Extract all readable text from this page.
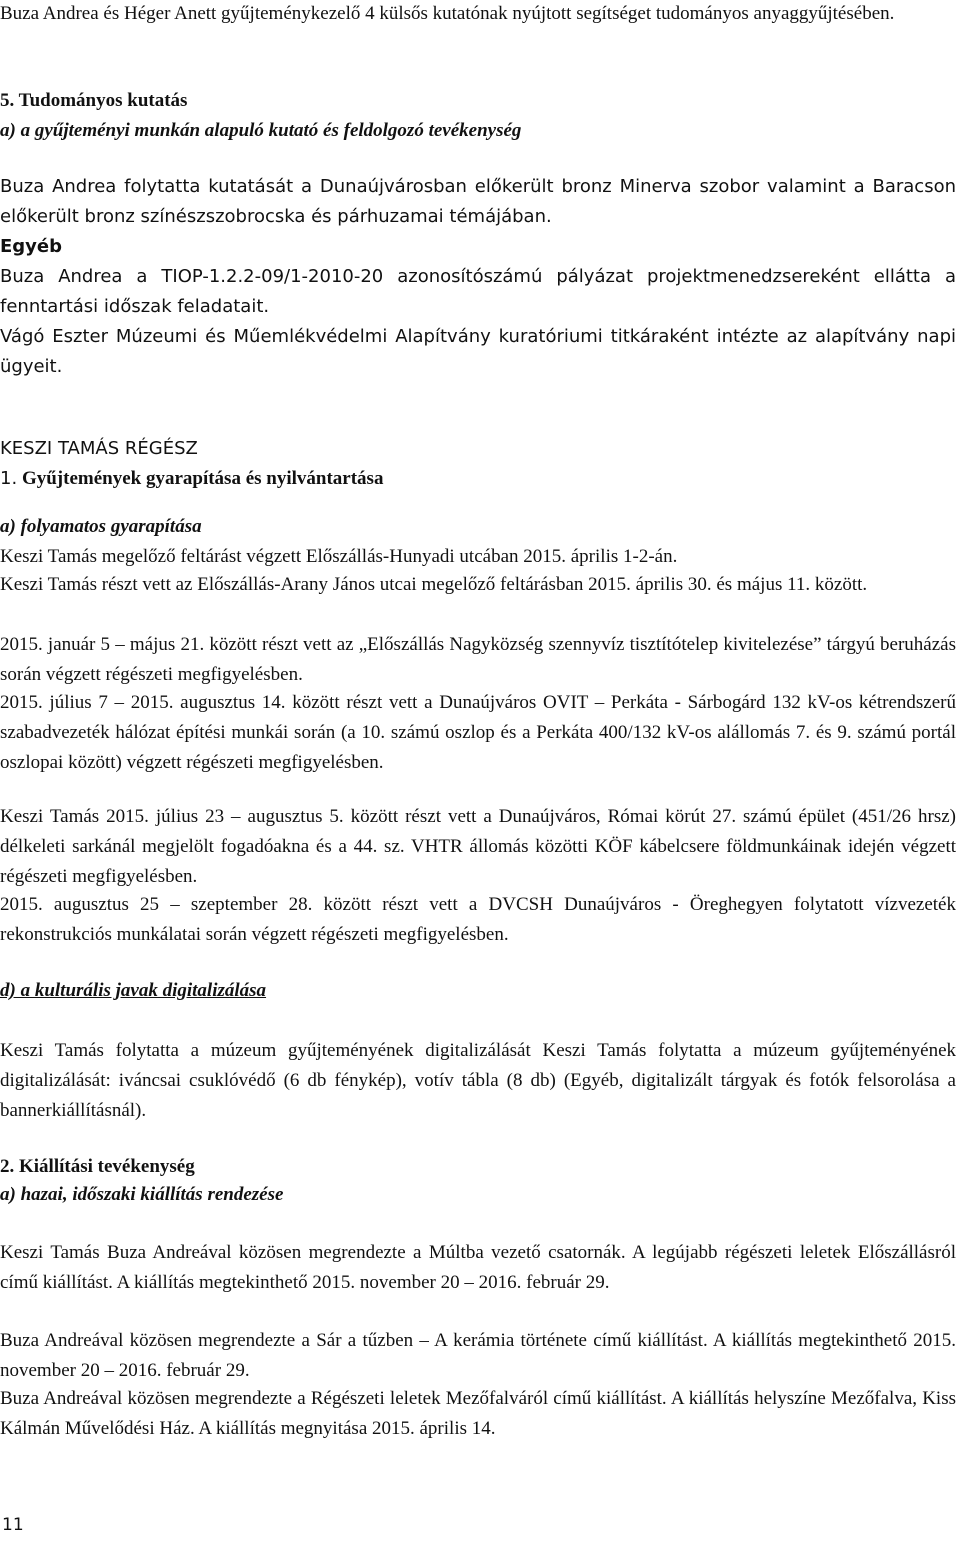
Buza Andrea és Héger Anett gyűjteménykezelő 4 külsős kutatónak nyújtott segítséget tudományos anyaggyűjtésében.

5. Tudományos kutatás

a) a gyűjteményi munkán alapuló kutató és feldolgozó tevékenység

Buza Andrea folytatta kutatását a Dunaújvárosban előkerült bronz Minerva szobor valamint a Baracson előkerült bronz színészszobrocska és párhuzamai témájában.

Egyéb

Buza Andrea a TIOP-1.2.2-09/1-2010-20 azonosítószámú pályázat projektmenedzsereként ellátta a fenntartási időszak feladatait.

Vágó Eszter Múzeumi és Műemlékvédelmi Alapítvány kuratóriumi titkáraként intézte az alapítvány napi ügyeit.

KESZI TAMÁS RÉGÉSZ

1. Gyűjtemények gyarapítása és nyilvántartása

a) folyamatos gyarapítása

Keszi Tamás megelőző feltárást végzett Előszállás-Hunyadi utcában 2015. április 1-2-án.

Keszi Tamás részt vett az Előszállás-Arany János utcai megelőző feltárásban 2015. április 30. és május 11. között.

2015. január 5 – május 21. között részt vett az „Előszállás Nagyközség szennyvíz tisztítótelep kivitelezése” tárgyú beruházás során végzett régészeti megfigyelésben.

2015. július 7 – 2015. augusztus 14. között részt vett a Dunaújváros OVIT – Perkáta - Sárbogárd 132 kV-os kétrendszerű szabadvezeték hálózat építési munkái során (a 10. számú oszlop és a Perkáta 400/132 kV-os alállomás 7. és 9. számú portál oszlopai között) végzett régészeti megfigyelésben.

Keszi Tamás 2015. július 23 – augusztus 5. között részt vett a Dunaújváros, Római körút 27. számú épület (451/26 hrsz) délkeleti sarkánál megjelölt fogadóakna és a 44. sz. VHTR állomás közötti KÖF kábelcsere földmunkáinak idején végzett régészeti megfigyelésben.

2015. augusztus 25 – szeptember 28. között részt vett a DVCSH Dunaújváros - Öreghegyen folytatott vízvezeték rekonstrukciós munkálatai során végzett régészeti megfigyelésben.

d) a kulturális javak digitalizálása

Keszi Tamás folytatta a múzeum gyűjteményének digitalizálását Keszi Tamás folytatta a múzeum gyűjteményének digitalizálását: iváncsai csuklóvédő (6 db fénykép), votív tábla (8 db) (Egyéb, digitalizált tárgyak és fotók felsorolása a bannerkiállításnál).

2. Kiállítási tevékenység

a) hazai, időszaki kiállítás rendezése

Keszi Tamás Buza Andreával közösen megrendezte a Múltba vezető csatornák. A legújabb régészeti leletek Előszállásról című kiállítást. A kiállítás megtekinthető 2015. november 20 – 2016. február 29.

Buza Andreával közösen megrendezte a Sár a tűzben – A kerámia története című kiállítást. A kiállítás megtekinthető 2015. november 20 – 2016. február 29.

Buza Andreával közösen megrendezte a Régészeti leletek Mezőfalváról című kiállítást. A kiállítás helyszíne Mezőfalva, Kiss Kálmán Művelődési Ház. A kiállítás megnyitása 2015. április 14.

11
